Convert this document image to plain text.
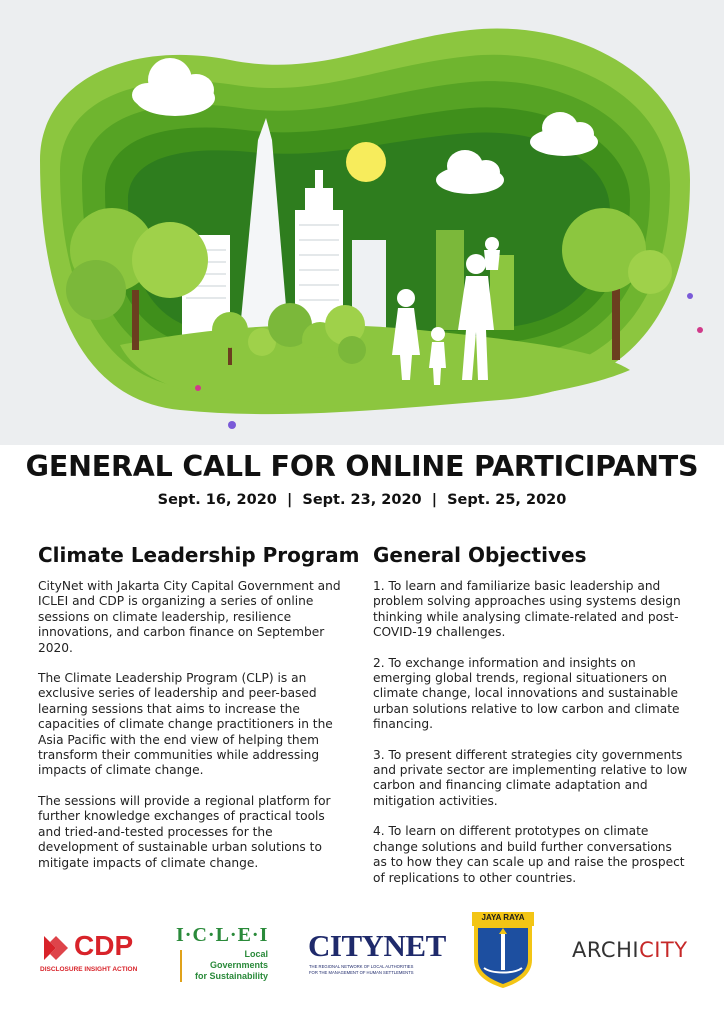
GENERAL CALL FOR ONLINE PARTICIPANTS
Sept. 16, 2020  |  Sept. 23, 2020  |  Sept. 25, 2020
Climate Leadership Program

CityNet with Jakarta City Capital Government and ICLEI and CDP is organizing a series of online sessions on climate leadership, resilience innovations, and carbon finance on September 2020.

The Climate Leadership Program (CLP) is an exclusive series of leadership and peer-based learning sessions that aims to increase the capacities of climate change practitioners in the Asia Pacific with the end view of helping them transform their communities while addressing impacts of climate change.

The sessions will provide a regional platform for further knowledge exchanges of practical tools and tried-and-tested processes for the development of sustainable urban solutions to mitigate impacts of climate change.

General Objectives

1. To learn and familiarize basic leadership and problem solving approaches using systems design thinking while analysing climate-related and post-COVID-19 challenges.

2. To exchange information and insights on emerging global trends, regional situationers on climate change, local innovations and sustainable urban solutions relative to low carbon and climate financing.

3. To present different strategies city governments and private sector are implementing relative to low carbon and financing climate adaptation and mitigation activities.

4. To learn on different prototypes on climate change solutions and build further conversations as to how they can scale up and raise the prospect of replications to other countries.

CDP
DISCLOSURE INSIGHT ACTION
I·C·L·E·I
Local
Governments
for Sustainability
CITYNET
THE REGIONAL NETWORK OF LOCAL AUTHORITIES
FOR THE MANAGEMENT OF HUMAN SETTLEMENTS
JAYA RAYA
ARCHICITY
